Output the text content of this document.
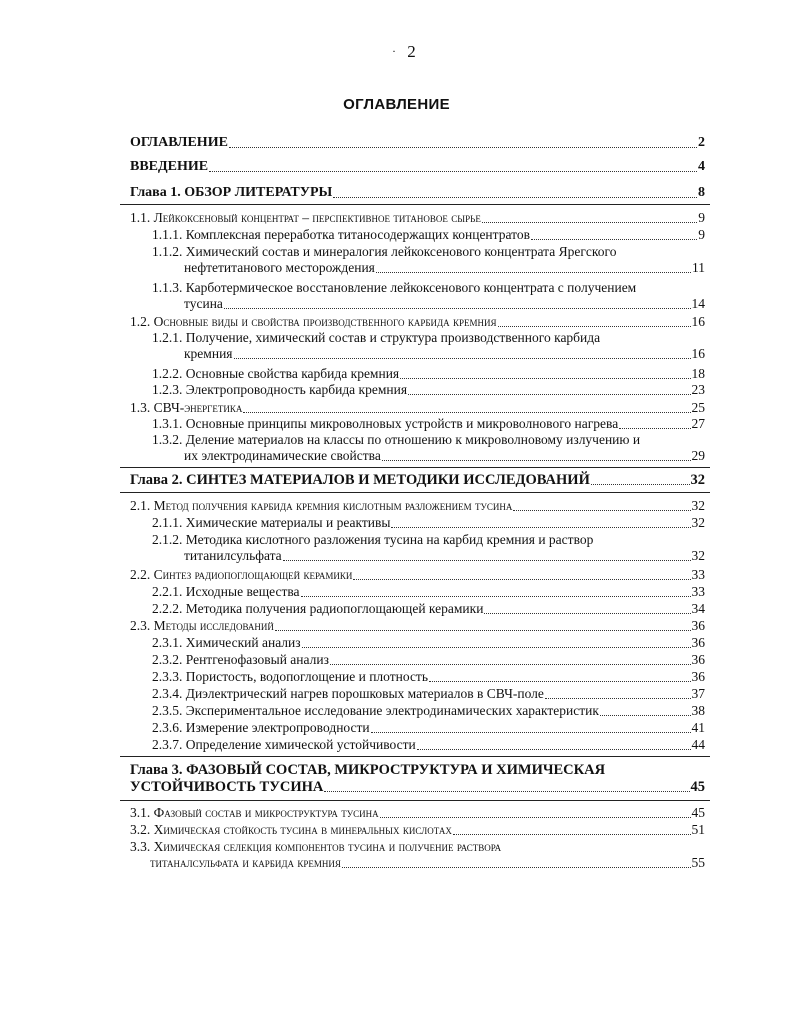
· 2
ОГЛАВЛЕНИЕ
ОГЛАВЛЕНИЕ	2
ВВЕДЕНИЕ	4
Глава 1. ОБЗОР ЛИТЕРАТУРЫ	8
1.1. Лейкоксеновый концентрат – перспективное титановое сырье	9
1.1.1. Комплексная переработка титаносодержащих концентратов	9
1.1.2. Химический состав и минералогия лейкоксенового концентрата Ярегского
нефтетитанового месторождения	11
1.1.3. Карботермическое восстановление лейкоксенового концентрата с получением
тусина	14
1.2. Основные виды и свойства производственного карбида кремния	16
1.2.1. Получение, химический состав и структура производственного карбида
кремния	16
1.2.2. Основные свойства карбида кремния	18
1.2.3. Электропроводность карбида кремния	23
1.3. СВЧ-энергетика	25
1.3.1. Основные принципы микроволновых устройств и микроволнового нагрева	27
1.3.2. Деление материалов на классы по отношению к микроволновому излучению и
их электродинамические свойства	29
Глава 2. СИНТЕЗ МАТЕРИАЛОВ И МЕТОДИКИ ИССЛЕДОВАНИЙ	32
2.1. Метод получения карбида кремния кислотным разложением тусина	32
2.1.1. Химические материалы и реактивы	32
2.1.2. Методика кислотного разложения тусина на карбид кремния и раствор
титанилсульфата	32
2.2. Синтез радиопоглощающей керамики	33
2.2.1. Исходные вещества	33
2.2.2. Методика получения радиопоглощающей керамики	34
2.3. Методы исследований	36
2.3.1. Химический анализ	36
2.3.2. Рентгенофазовый анализ	36
2.3.3. Пористость, водопоглощение и плотность	36
2.3.4. Диэлектрический нагрев порошковых материалов в СВЧ-поле	37
2.3.5. Экспериментальное исследование электродинамических характеристик	38
2.3.6. Измерение электропроводности	41
2.3.7. Определение химической устойчивости	44
Глава 3. ФАЗОВЫЙ СОСТАВ, МИКРОСТРУКТУРА И ХИМИЧЕСКАЯ
УСТОЙЧИВОСТЬ ТУСИНА	45
3.1. Фазовый состав и микроструктура тусина	45
3.2. Химическая стойкость тусина в минеральных кислотах	51
3.3. Химическая селекция компонентов тусина и получение раствора
титаналсульфата и карбида кремния	55
